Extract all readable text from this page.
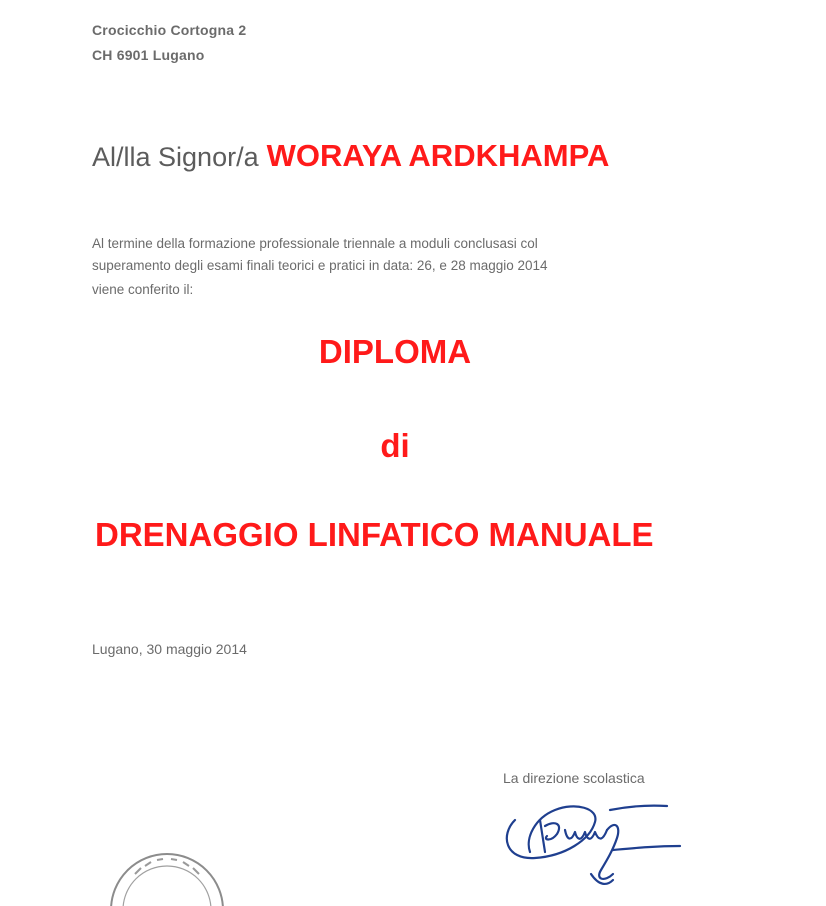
Crocicchio Cortogna 2
CH 6901 Lugano
Al/lla Signor/a WORAYA ARDKHAMPA
Al termine della formazione professionale triennale a moduli conclusasi col
superamento degli esami finali teorici e pratici in data: 26, e 28 maggio 2014
viene conferito il:
DIPLOMA
di
DRENAGGIO LINFATICO MANUALE
Lugano, 30 maggio 2014
La direzione scolastica
